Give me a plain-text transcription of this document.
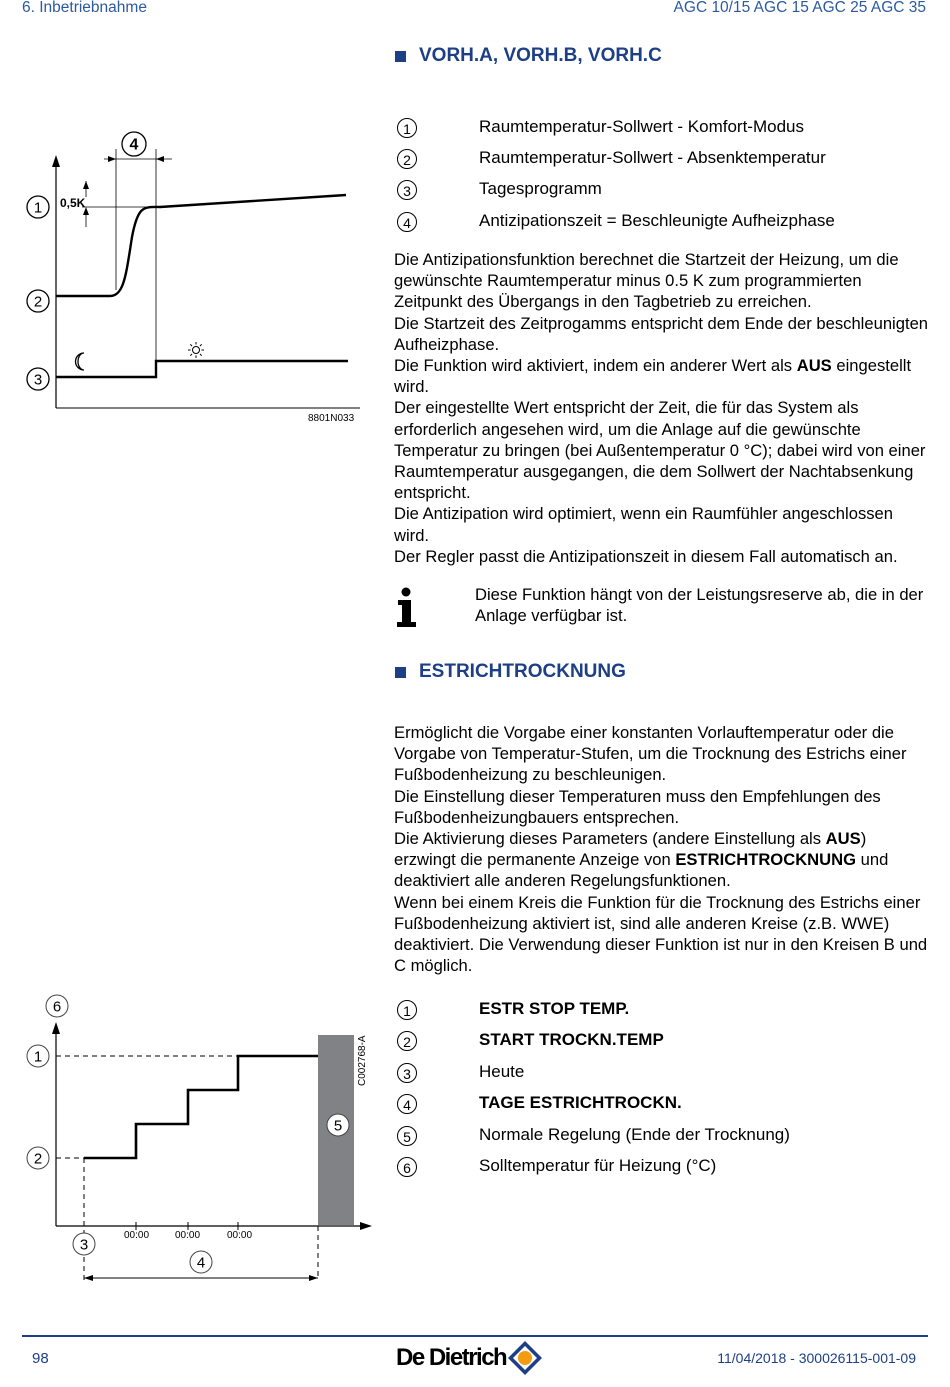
6. Inbetriebnahme	AGC 10/15 AGC 15 AGC 25 AGC 35
VORH.A, VORH.B, VORH.C
0,5K
1
2
3
4
8801N033
1	Raumtemperatur-Sollwert - Komfort-Modus
2	Raumtemperatur-Sollwert - Absenktemperatur
3	Tagesprogramm
4	Antizipationszeit = Beschleunigte Aufheizphase

Die Antizipationsfunktion berechnet die Startzeit der Heizung, um die gewünschte Raumtemperatur minus 0.5 K zum programmierten Zeitpunkt des Übergangs in den Tagbetrieb zu erreichen.

Die Startzeit des Zeitprogamms entspricht dem Ende der beschleunigten Aufheizphase.

Die Funktion wird aktiviert, indem ein anderer Wert als AUS eingestellt wird.

Der eingestellte Wert entspricht der Zeit, die für das System als erforderlich angesehen wird, um die Anlage auf die gewünschte Temperatur zu bringen (bei Außentemperatur 0 °C); dabei wird von einer Raumtemperatur ausgegangen, die dem Sollwert der Nachtabsenkung entspricht.

Die Antizipation wird optimiert, wenn ein Raumfühler angeschlossen wird.

Der Regler passt die Antizipationszeit in diesem Fall automatisch an.

Diese Funktion hängt von der Leistungsreserve ab, die in der Anlage verfügbar ist.
ESTRICHTROCKNUNG

Ermöglicht die Vorgabe einer konstanten Vorlauftemperatur oder die Vorgabe von Temperatur-Stufen, um die Trocknung des Estrichs einer Fußbodenheizung zu beschleunigen.

Die Einstellung dieser Temperaturen muss den Empfehlungen des Fußbodenheizungbauers entsprechen.

Die Aktivierung dieses Parameters (andere Einstellung als AUS) erzwingt die permanente Anzeige von ESTRICHTROCKNUNG und deaktiviert alle anderen Regelungsfunktionen.

Wenn bei einem Kreis die Funktion für die Trocknung des Estrichs einer Fußbodenheizung aktiviert ist, sind alle anderen Kreise (z.B. WWE) deaktiviert. Die Verwendung dieser Funktion ist nur in den Kreisen B und C möglich.

00:00	00:00	00:00
6
1
2
3
4
5
C002768-A
1	ESTR STOP TEMP.
2	START TROCKN.TEMP
3	Heute
4	TAGE ESTRICHTROCKN.
5	Normale Regelung (Ende der Trocknung)
6	Solltemperatur für Heizung (°C)
98	De Dietrich	11/04/2018 - 300026115-001-09
